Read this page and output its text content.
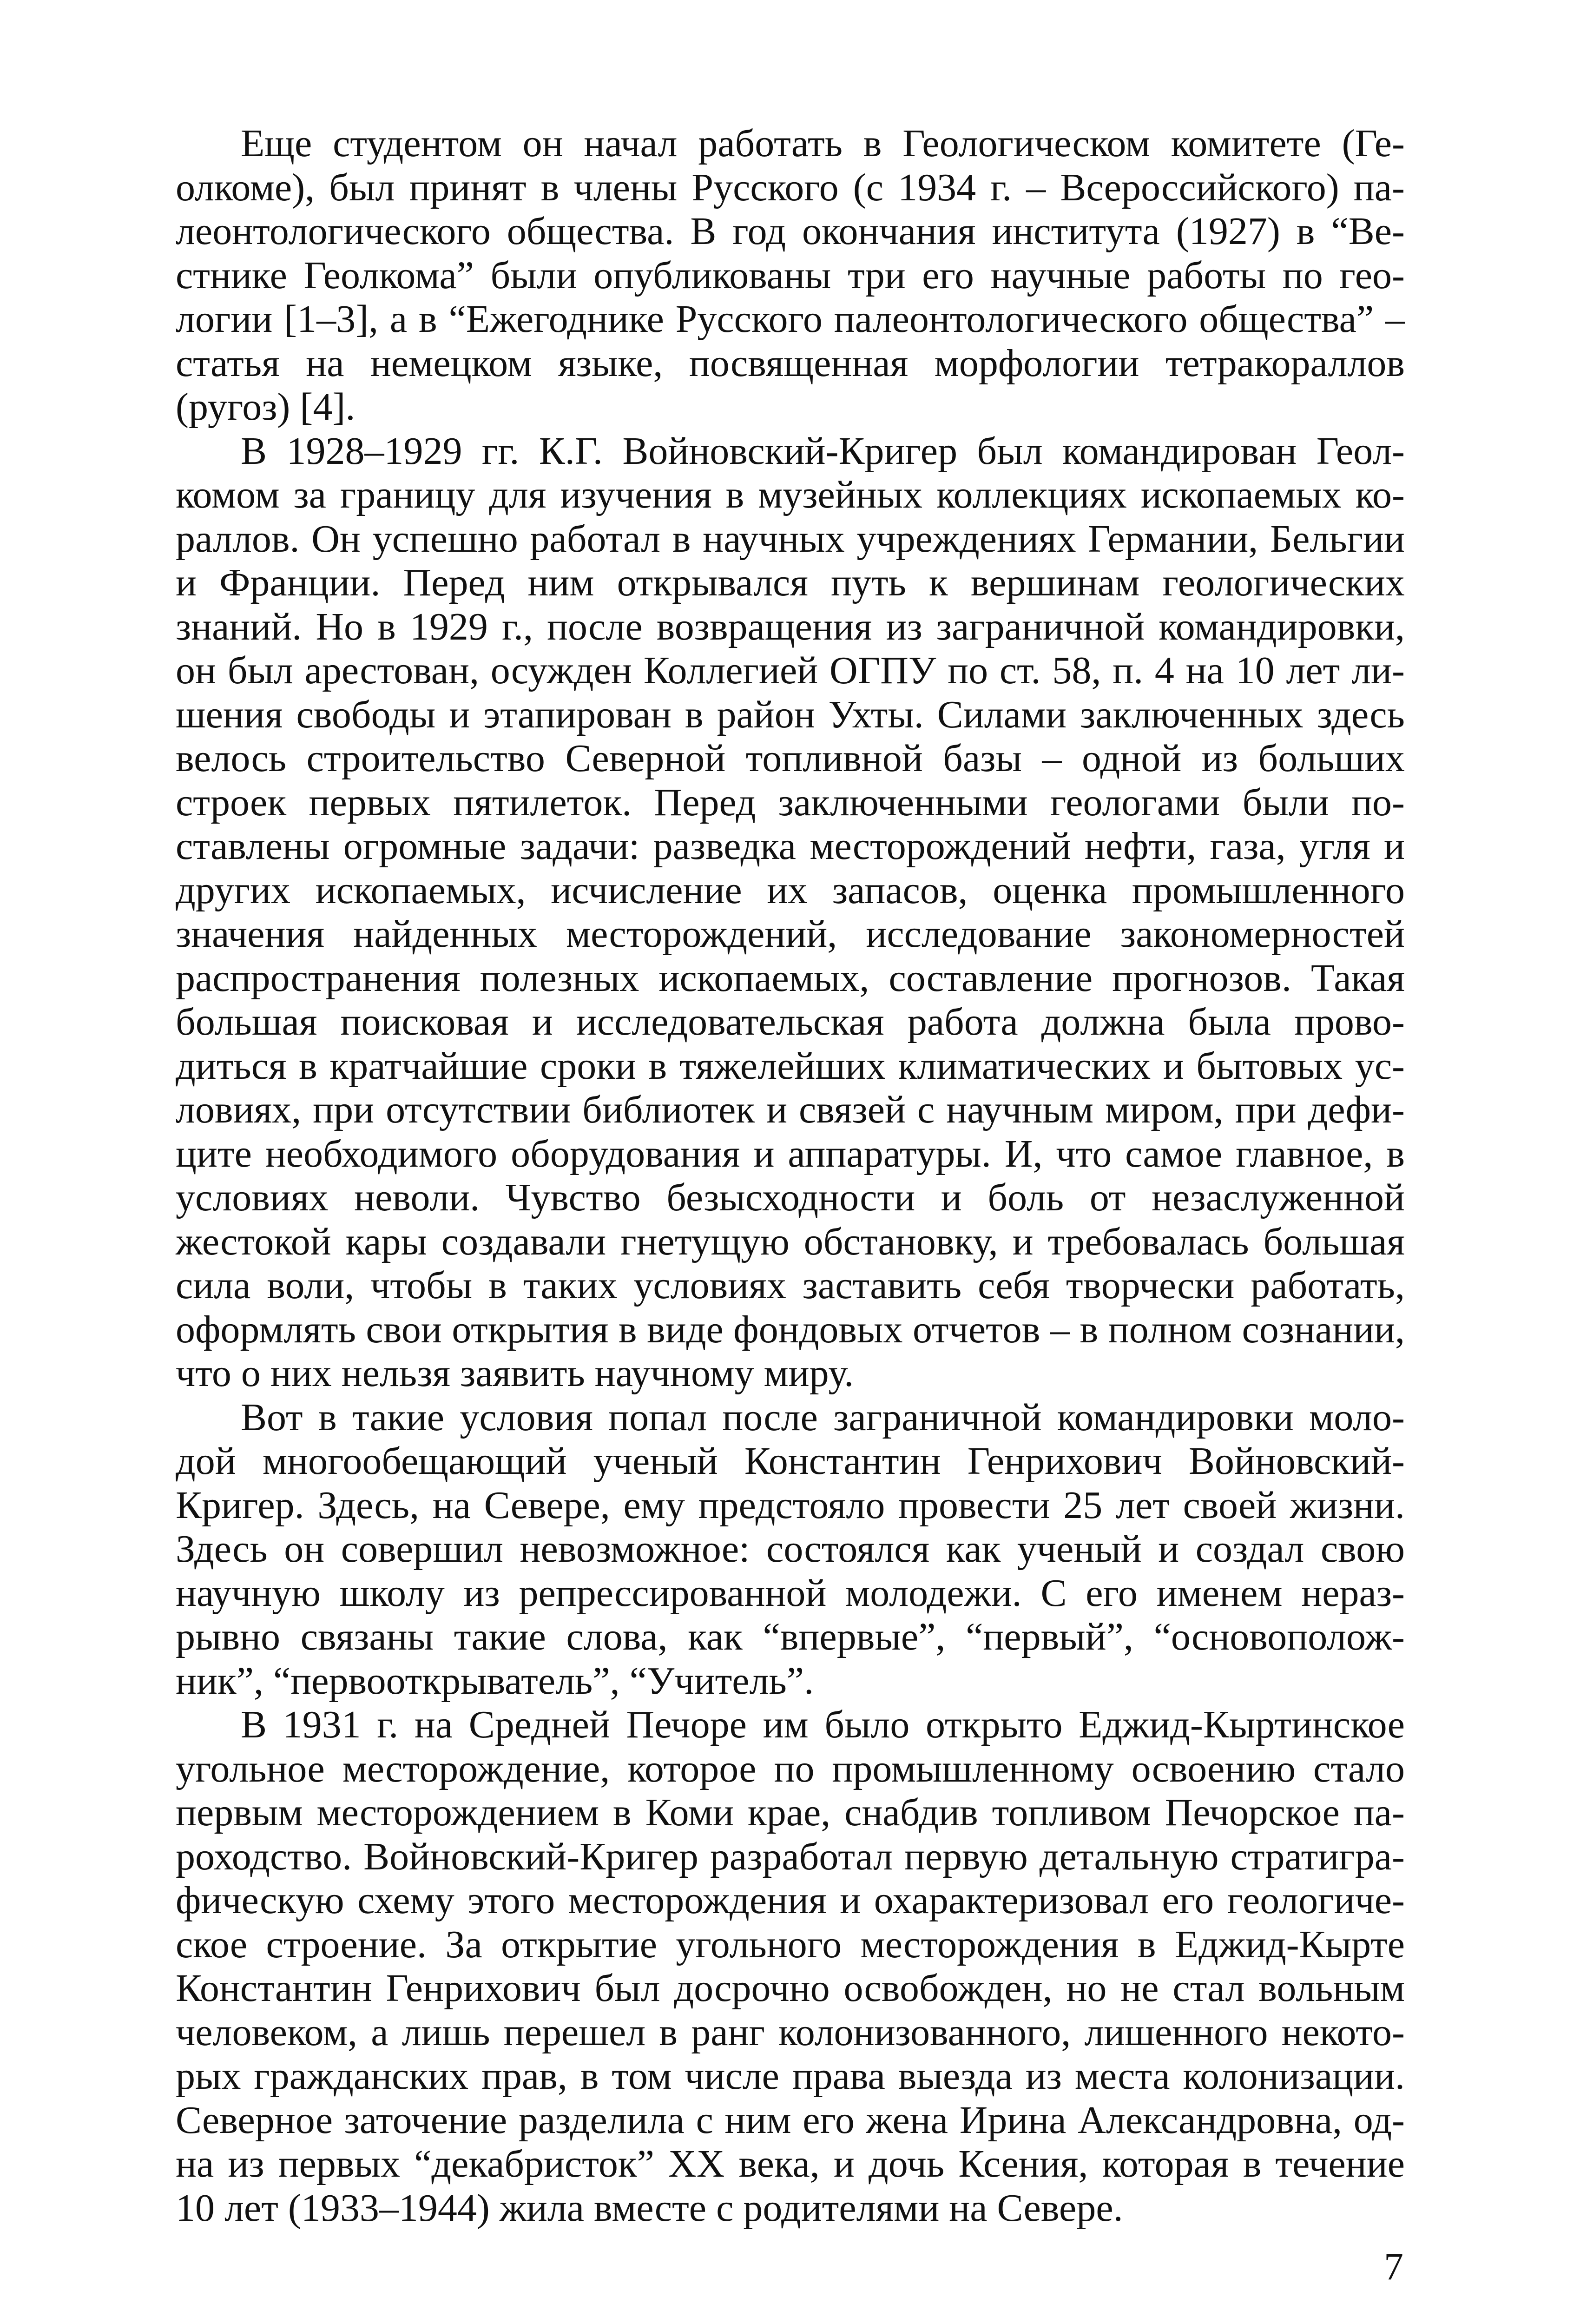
Еще студентом он начал работать в Геологическом комитете (Геолкоме), был принят в члены Русского (с 1934 г. – Всероссийского) палеонтологического общества. В год окончания института (1927) в “Вестнике Геолкома” были опубликованы три его научные работы по геологии [1–3], а в “Ежегоднике Русского палеонтологического общества” – статья на немецком языке, посвященная морфологии тетракораллов (ругоз) [4].

В 1928–1929 гг. К.Г. Войновский-Кригер был командирован Геолкомом за границу для изучения в музейных коллекциях ископаемых кораллов. Он успешно работал в научных учреждениях Германии, Бельгии и Франции. Перед ним открывался путь к вершинам геологических знаний. Но в 1929 г., после возвращения из заграничной командировки, он был арестован, осужден Коллегией ОГПУ по ст. 58, п. 4 на 10 лет лишения свободы и этапирован в район Ухты. Силами заключенных здесь велось строительство Северной топливной базы – одной из больших строек первых пятилеток. Перед заключенными геологами были поставлены огромные задачи: разведка месторождений нефти, газа, угля и других ископаемых, исчисление их запасов, оценка промышленного значения найденных месторождений, исследование закономерностей распространения полезных ископаемых, составление прогнозов. Такая большая поисковая и исследовательская работа должна была проводиться в кратчайшие сроки в тяжелейших климатических и бытовых условиях, при отсутствии библиотек и связей с научным миром, при дефиците необходимого оборудования и аппаратуры. И, что самое главное, в условиях неволи. Чувство безысходности и боль от незаслуженной жестокой кары создавали гнетущую обстановку, и требовалась большая сила воли, чтобы в таких условиях заставить себя творчески работать, оформлять свои открытия в виде фондовых отчетов – в полном сознании, что о них нельзя заявить научному миру.

Вот в такие условия попал после заграничной командировки молодой многообещающий ученый Константин Генрихович Войновский-Кригер. Здесь, на Севере, ему предстояло провести 25 лет своей жизни. Здесь он совершил невозможное: состоялся как ученый и создал свою научную школу из репрессированной молодежи. С его именем неразрывно связаны такие слова, как “впервые”, “первый”, “основоположник”, “первооткрыватель”, “Учитель”.

В 1931 г. на Средней Печоре им было открыто Еджид-Кыртинское угольное месторождение, которое по промышленному освоению стало первым месторождением в Коми крае, снабдив топливом Печорское пароходство. Войновский-Кригер разработал первую детальную стратиграфическую схему этого месторождения и охарактеризовал его геологическое строение. За открытие угольного месторождения в Еджид-Кырте Константин Генрихович был досрочно освобожден, но не стал вольным человеком, а лишь перешел в ранг колонизованного, лишенного некоторых гражданских прав, в том числе права выезда из места колонизации. Северное заточение разделила с ним его жена Ирина Александровна, одна из первых “декабристок” XX века, и дочь Ксения, которая в течение 10 лет (1933–1944) жила вместе с родителями на Севере.

7
